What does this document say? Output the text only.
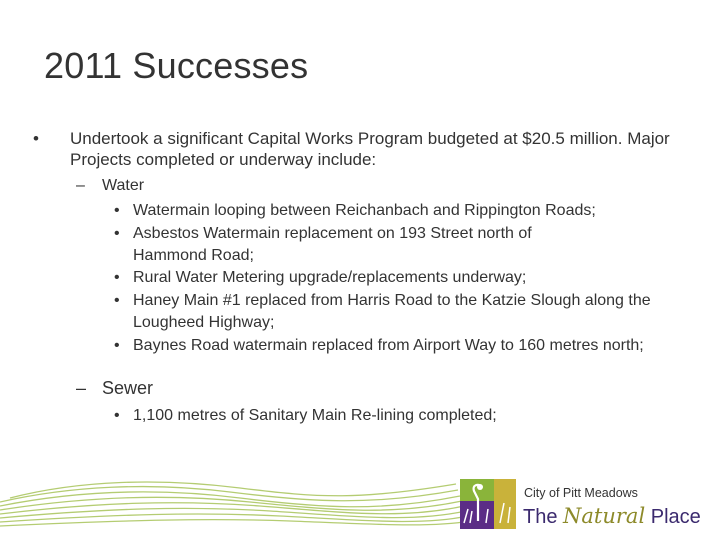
2011 Successes
• Undertook a significant Capital Works Program budgeted at $20.5 million. Major Projects completed or underway include:
– Water
• Watermain looping between Reichanbach and Rippington Roads;
• Asbestos Watermain replacement on 193 Street north of Hammond Road;
• Rural Water Metering upgrade/replacements underway;
• Haney Main #1 replaced from Harris Road to the Katzie Slough along the Lougheed Highway;
• Baynes Road watermain replaced from Airport Way to 160 metres north;
– Sewer
• 1,100 metres of Sanitary Main Re-lining completed;
City of Pitt Meadows
The Natural Place
